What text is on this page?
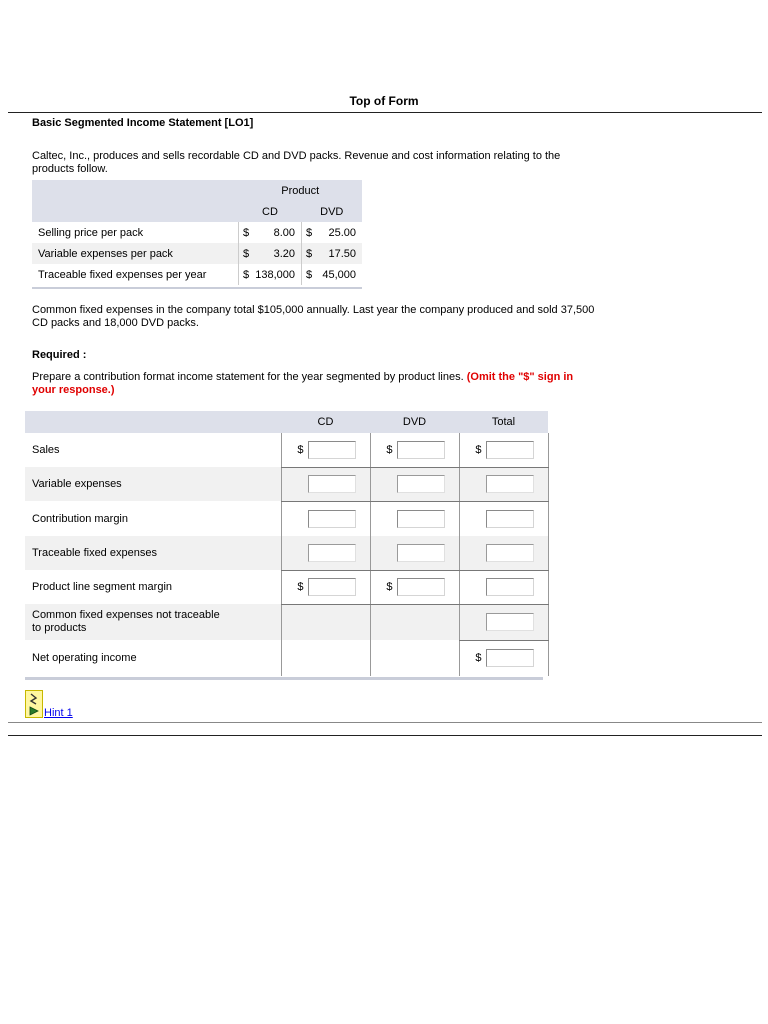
Top of Form
Basic Segmented Income Statement [LO1]
Caltec, Inc., produces and sells recordable CD and DVD packs. Revenue and cost information relating to the products follow.
	Product	
	CD	DVD
Selling price per pack	$ 8.00	$ 25.00

Variable expenses per pack	$ 3.20	$ 17.50

Traceable fixed expenses per year	$ 138,000	$ 45,000
Common fixed expenses in the company total $105,000 annually. Last year the company produced and sold 37,500 CD packs and 18,000 DVD packs.
Required :
Prepare a contribution format income statement for the year segmented by product lines. (Omit the "$" sign in your response.)
	CD	DVD	Total
Sales	$	$	$

Variable expenses	

Contribution margin	

Traceable fixed expenses	

Product line segment margin	$	$	

Common fixed expenses not traceable
to products			

Net operating income			$
Hint 1
